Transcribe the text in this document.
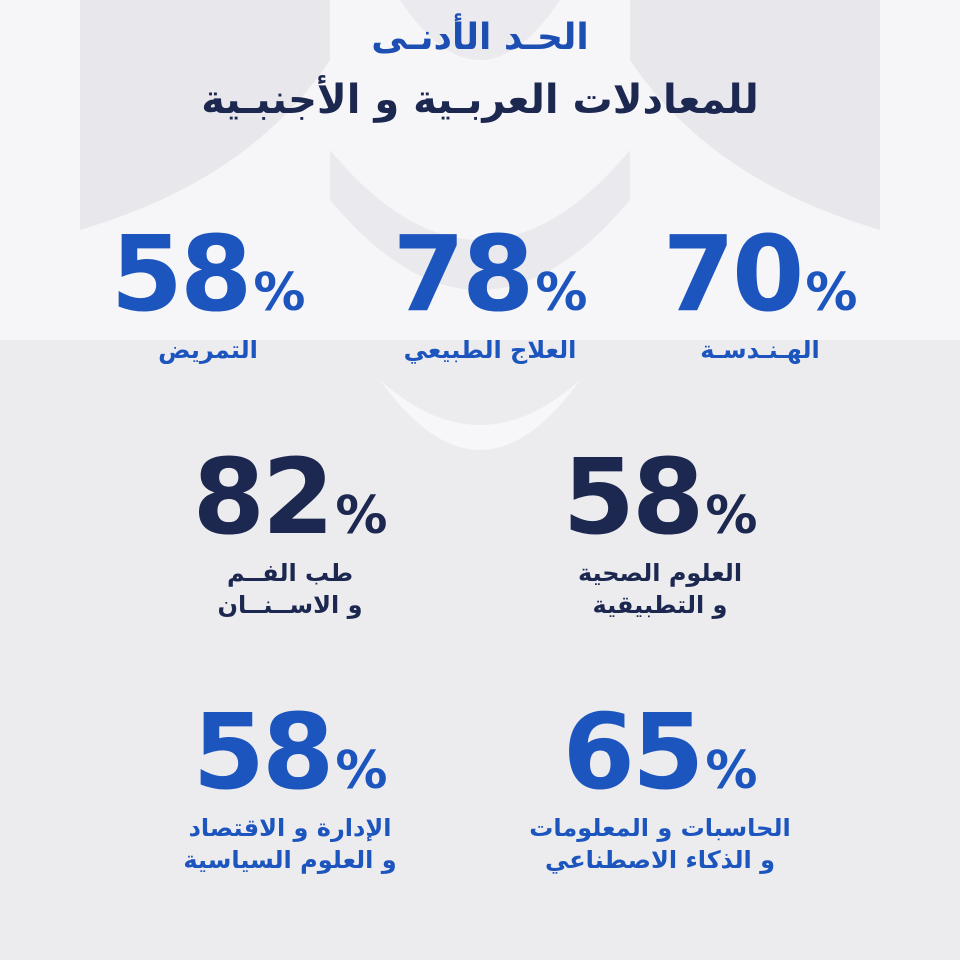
الحـد الأدنـى
للمعادلات العربـية و الأجنبـية
70%
الهـنـدسـة
78%
العلاج الطبيعي
58%
التمريض
58%
العلوم الصحية
و التطبيقية
82%
طب الفــم
و الاســنــان
65%
الحاسبات و المعلومات
و الذكاء الاصطناعي
58%
الإدارة و الاقتصاد
و العلوم السياسية
